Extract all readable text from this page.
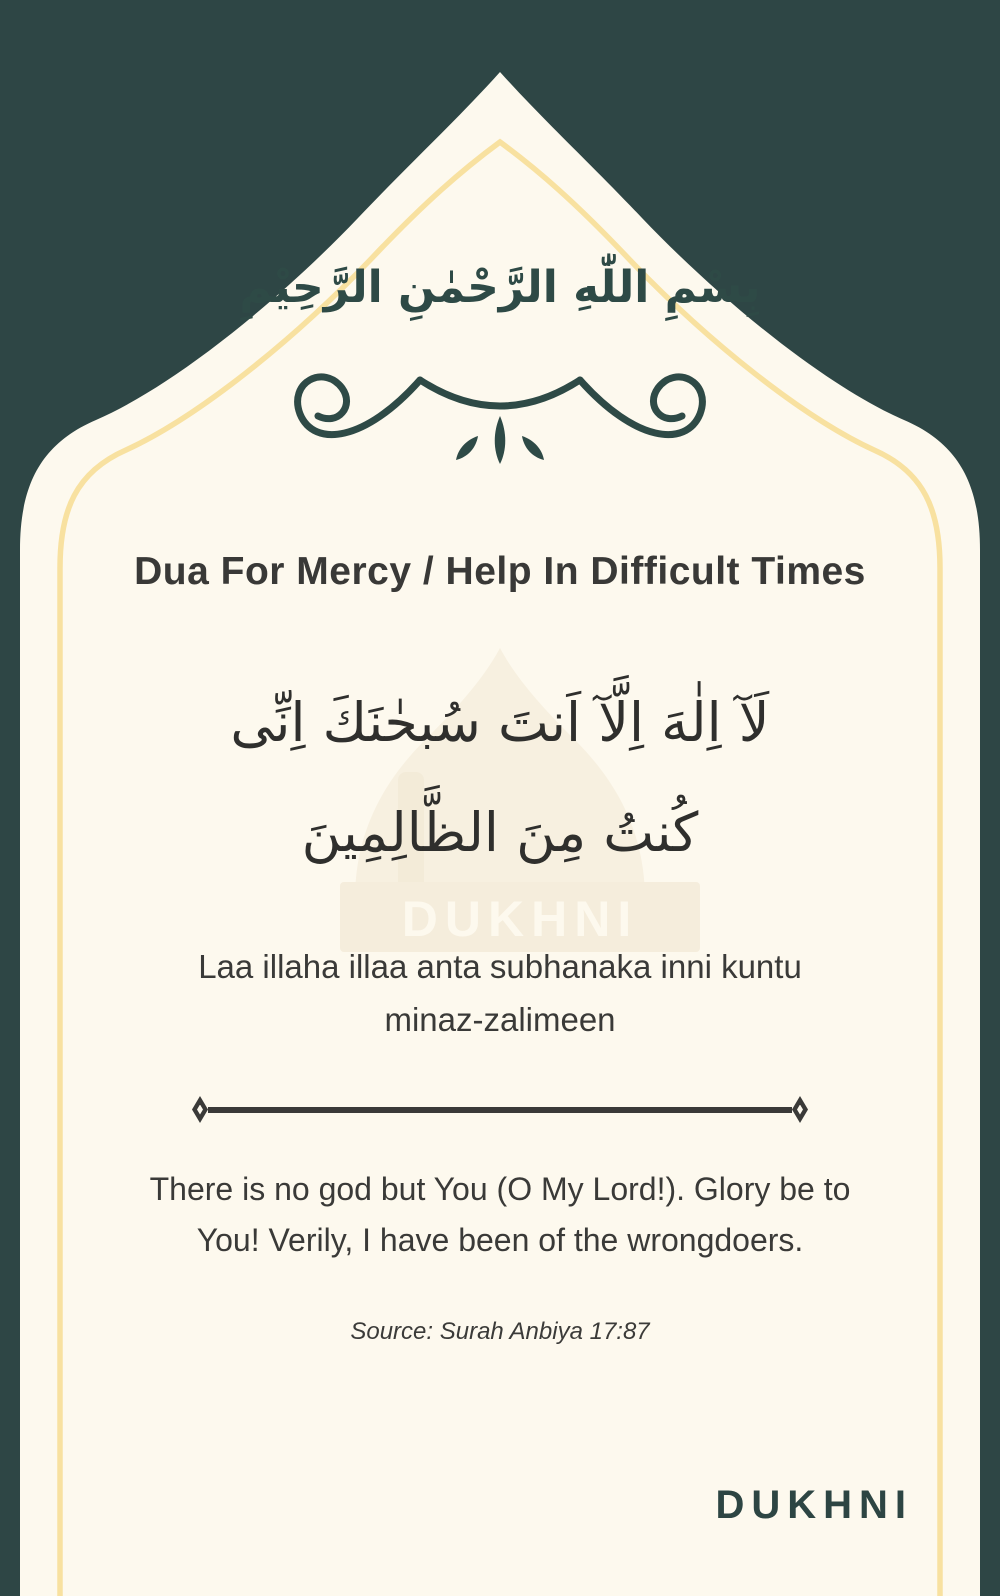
DUKHNI
بِسْمِ اللّٰهِ الرَّحْمٰنِ الرَّحِيْمِ
Dua For Mercy / Help In Difficult Times
لَآ اِلٰهَ اِلَّآ اَنتَ سُبحٰنَكَ اِنِّی
كُنتُ مِنَ الظَّالِمِينَ
Laa illaha illaa anta subhanaka inni kuntu minaz-zalimeen
There is no god but You (O My Lord!). Glory be to You! Verily, I have been of the wrongdoers.
Source: Surah Anbiya 17:87
DUKHNI
